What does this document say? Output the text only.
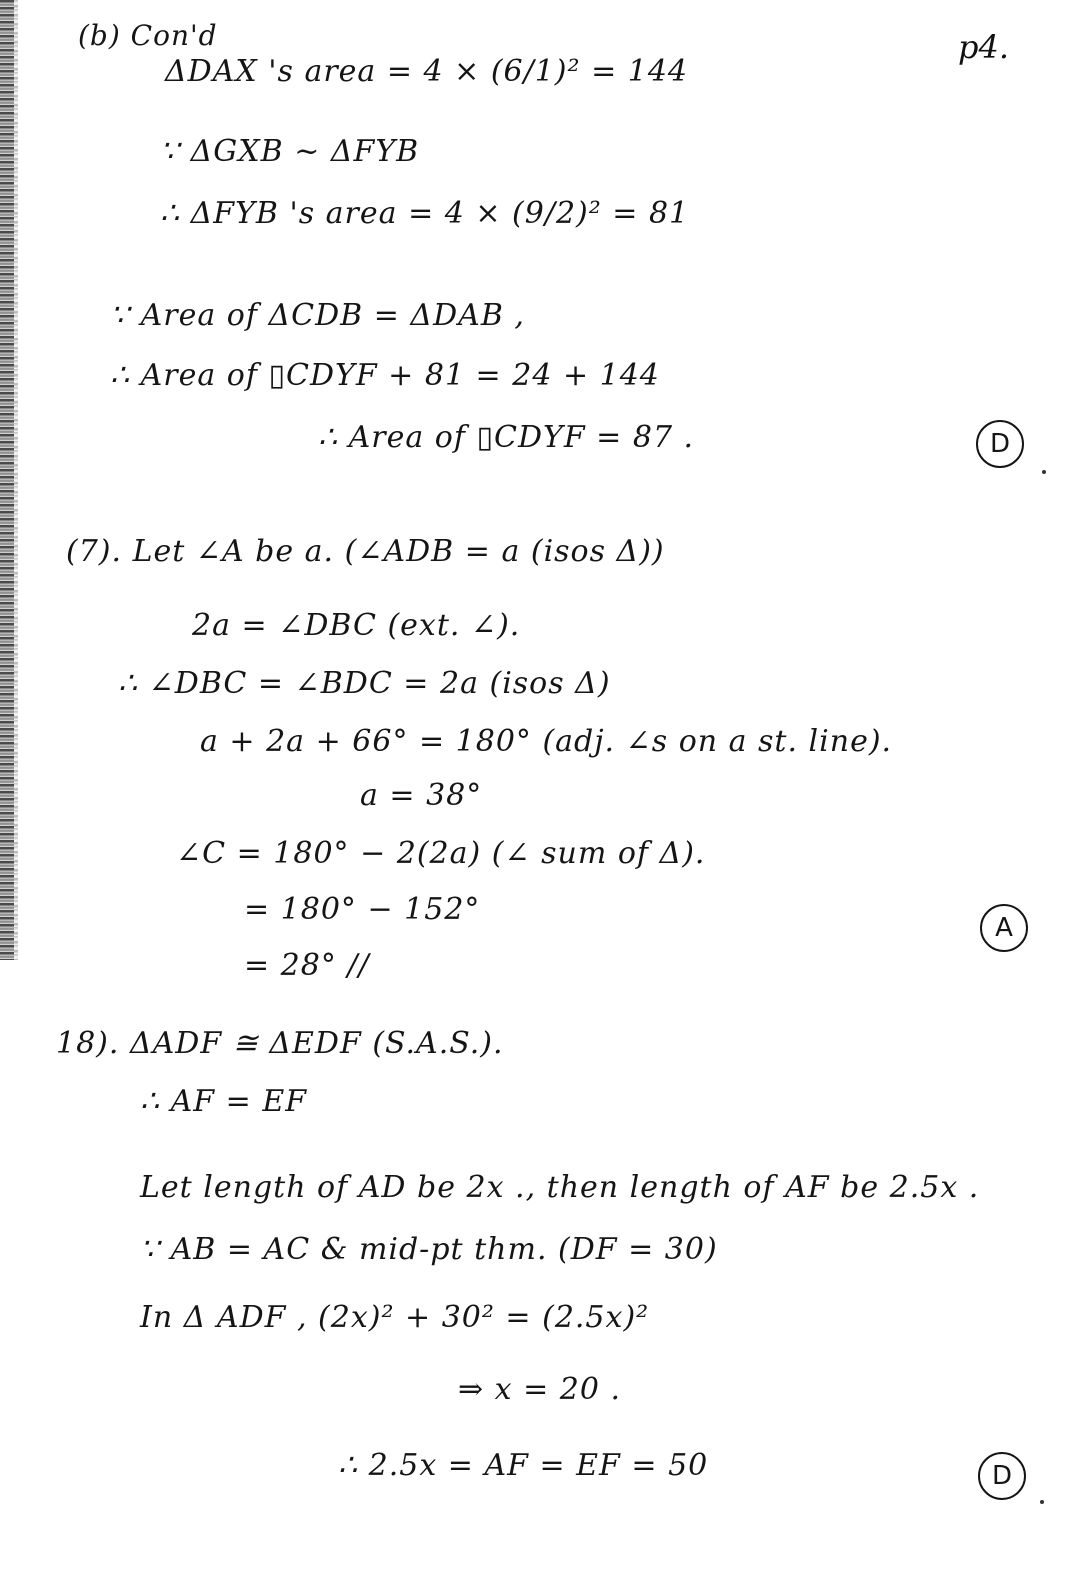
p4.
(b) Con'd
ΔDAX 's area = 4 × (6/1)² = 144
∵ ΔGXB ~ ΔFYB
∴ ΔFYB 's area = 4 × (9/2)² = 81
∵ Area of ΔCDB = ΔDAB ,
∴ Area of ▯CDYF + 81 = 24 + 144
∴ Area of ▯CDYF = 87 .	D
(7). Let ∠A be a. (∠ADB = a (isos Δ))
2a = ∠DBC (ext. ∠).
∴ ∠DBC = ∠BDC = 2a (isos Δ)
a + 2a + 66° = 180° (adj. ∠s on a st. line).
a = 38°
∠C = 180° − 2(2a) (∠ sum of Δ).
= 180° − 152°
= 28° //
A
18). ΔADF ≅ ΔEDF (S.A.S.).
∴ AF = EF
Let length of AD be 2x ., then length of AF be 2.5x .
∵ AB = AC & mid-pt thm. (DF = 30)
In Δ ADF , (2x)² + 30² = (2.5x)²
⇒ x = 20 .
∴ 2.5x = AF = EF = 50	D
